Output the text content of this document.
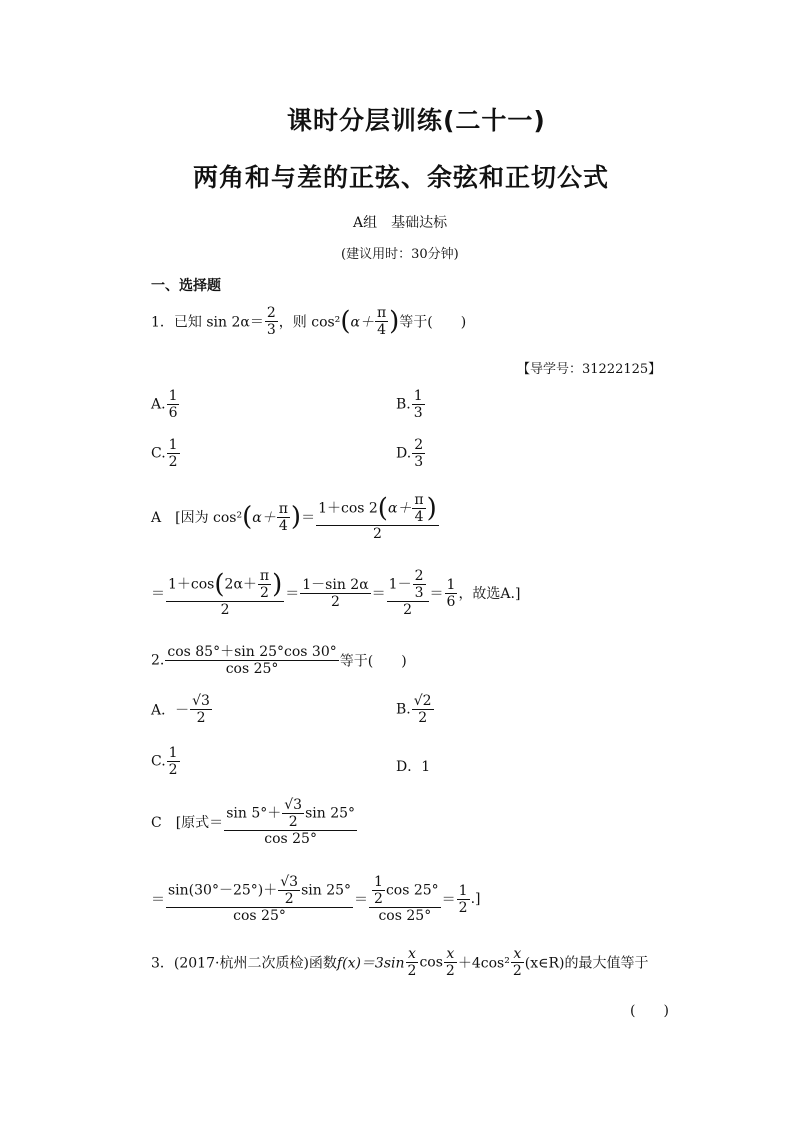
课时分层训练(二十一)
两角和与差的正弦、余弦和正切公式
A组　基础达标
(建议用时：30分钟)
一、选择题
1．已知 $\sin 2\alpha= \frac{2}{3}$ ，则 $\cos^2(\alpha+ \frac{\pi}{4}$ )等于(　　)
【导学号：31222125】
A. $\frac{1}{6}$	B. $\frac{1}{3}$
C. $\frac{1}{2}$	D. $\frac{2}{3}$
A　[因为 $\cos^2(\alpha+ \frac{\pi}{4}$ )＝ $\frac{1+\cos 2(\alpha+ \frac{\pi}{4} )}{2}$
＝ $\frac{1+\cos(2\alpha+ \frac{\pi}{2} )}{2} = \frac{1-\sin 2\alpha}{2} = \frac{1- \frac{2}{3}}{2} = \frac{1}{6}$ ，故选A.]
2. $\frac{\cos 85^\circ+\sin 25^\circ\cos 30^\circ}{\cos 25^\circ}$ 等于(　　)
A．－ $\frac{√3}{2}$	B. $\frac{√2}{2}$
C. $\frac{1}{2}$	D．1
C　[原式＝ $\frac{\sin 5^\circ+ \frac{√3}{2} \sin 25^\circ}{\cos 25^\circ}$
＝ $\frac{\sin(30^\circ-25^\circ)+ \frac{√3}{2} \sin 25^\circ}{\cos 25^\circ} = \frac{\frac{1}{2} \cos 25^\circ}{\cos 25^\circ} = \frac{1}{2}$ .]
3．(2017·杭州二次质检)函数$f(x)=3\sin \frac{x}{2}$ $\cos \frac{x}{2} +4\cos^2 \frac{x}{2}$ (x∈R)的最大值等于
(　　)
